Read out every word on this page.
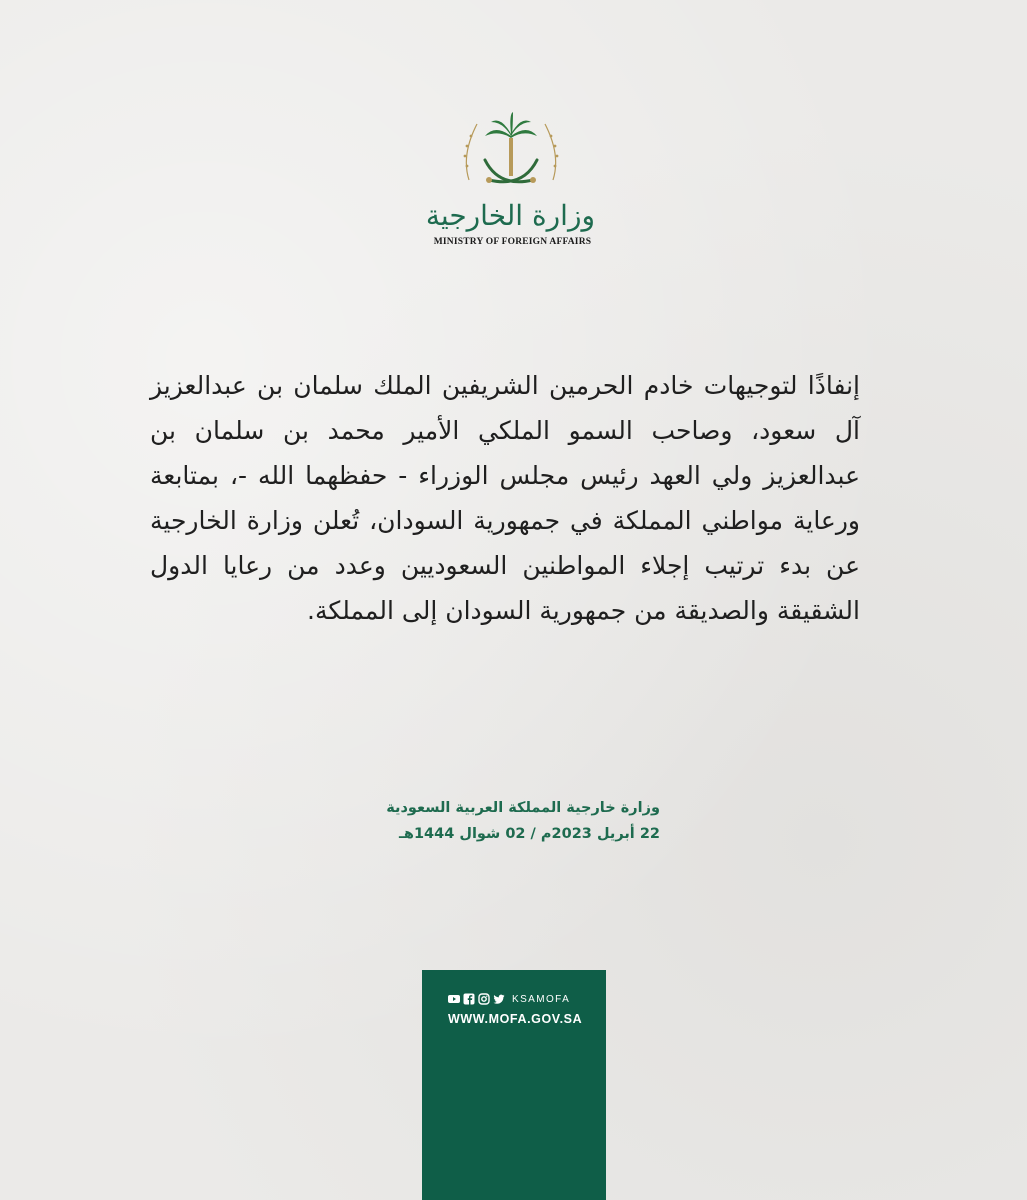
وزارة الخارجية
MINISTRY OF FOREIGN AFFAIRS
إنفاذًا لتوجيهات خادم الحرمين الشريفين الملك سلمان بن عبدالعزيز آل سعود، وصاحب السمو الملكي الأمير محمد بن سلمان بن عبدالعزيز ولي العهد رئيس مجلس الوزراء - حفظهما الله -، بمتابعة ورعاية مواطني المملكة في جمهورية السودان، تُعلن وزارة الخارجية عن بدء ترتيب إجلاء المواطنين السعوديين وعدد من رعايا الدول الشقيقة والصديقة من جمهورية السودان إلى المملكة.
وزارة خارجية المملكة العربية السعودية
22 أبريل 2023م / 02 شوال 1444هـ
KSAMOFA
WWW.MOFA.GOV.SA
